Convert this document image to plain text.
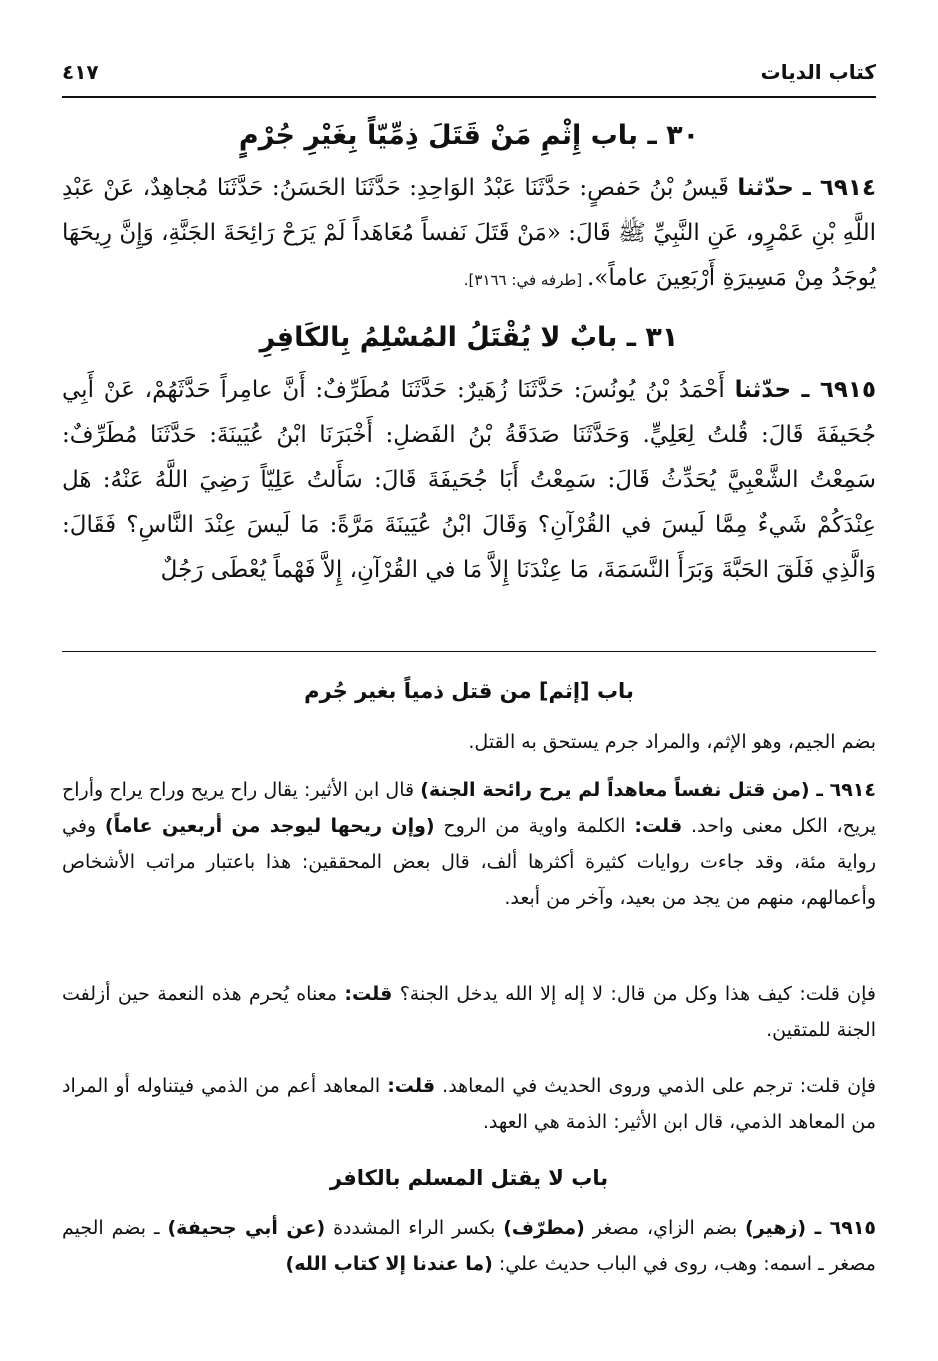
كتاب الديات
٤١٧
٣٠ ـ باب إِثْمِ مَنْ قَتَلَ ذِمِّيّاً بِغَيْرِ جُرْمٍ
٦٩١٤ ـ حدّثنا قَيسُ بْنُ حَفصٍ: حَدَّثَنَا عَبْدُ الوَاحِدِ: حَدَّثَنَا الحَسَنُ: حَدَّثَنَا مُجاهِدٌ، عَنْ عَبْدِ اللَّهِ بْنِ عَمْرٍو، عَنِ النَّبِيِّ ﷺ قَالَ: «مَنْ قَتَلَ نَفساً مُعَاهَداً لَمْ يَرَحْ رَائِحَةَ الجَنَّةِ، وَإِنَّ رِيحَهَا يُوجَدُ مِنْ مَسِيرَةِ أَرْبَعِينَ عاماً». [طرفه في: ٣١٦٦].
٣١ ـ بابٌ لا يُقْتَلُ المُسْلِمُ بِالكَافِرِ
٦٩١٥ ـ حدّثنا أَحْمَدُ بْنُ يُونُسَ: حَدَّثَنَا زُهَيرٌ: حَدَّثَنَا مُطَرِّفٌ: أَنَّ عامِراً حَدَّثَهُمْ، عَنْ أَبِي جُحَيفَةَ قَالَ: قُلتُ لِعَلِيٍّ. وَحَدَّثَنَا صَدَقَةُ بْنُ الفَضلِ: أَخْبَرَنَا ابْنُ عُيَينَةَ: حَدَّثَنَا مُطَرِّفٌ: سَمِعْتُ الشَّعْبِيَّ يُحَدِّثُ قَالَ: سَمِعْتُ أَبَا جُحَيفَةَ قَالَ: سَأَلتُ عَلِيّاً رَضِيَ اللَّهُ عَنْهُ: هَل عِنْدَكُمْ شَيءٌ مِمَّا لَيسَ في القُرْآنِ؟ وَقَالَ ابْنُ عُيَينَةَ مَرَّةً: مَا لَيسَ عِنْدَ النَّاسِ؟ فَقَالَ: وَالَّذِي فَلَقَ الحَبَّةَ وَبَرَأَ النَّسَمَةَ، مَا عِنْدَنَا إِلاَّ مَا في القُرْآنِ، إِلاَّ فَهْماً يُعْطَى رَجُلٌ
باب [إثم] من قتل ذمياً بغير جُرم
بضم الجيم، وهو الإثم، والمراد جرم يستحق به القتل.
٦٩١٤ ـ (من قتل نفساً معاهداً لم يرح رائحة الجنة) قال ابن الأثير: يقال راح يريح وراح يراح وأراح يريح، الكل معنى واحد. قلت: الكلمة واوية من الروح (وإن ريحها ليوجد من أربعين عاماً) وفي رواية مئة، وقد جاءت روايات كثيرة أكثرها ألف، قال بعض المحققين: هذا باعتبار مراتب الأشخاص وأعمالهم، منهم من يجد من بعيد، وآخر من أبعد.
فإن قلت: كيف هذا وكل من قال: لا إله إلا الله يدخل الجنة؟ قلت: معناه يُحرم هذه النعمة حين أزلفت الجنة للمتقين.
فإن قلت: ترجم على الذمي وروى الحديث في المعاهد. قلت: المعاهد أعم من الذمي فيتناوله أو المراد من المعاهد الذمي، قال ابن الأثير: الذمة هي العهد.
باب لا يقتل المسلم بالكافر
٦٩١٥ ـ (زهير) بضم الزاي، مصغر (مطرّف) بكسر الراء المشددة (عن أبي جحيفة) ـ بضم الجيم مصغر ـ اسمه: وهب، روى في الباب حديث علي: (ما عندنا إلا كتاب الله)
